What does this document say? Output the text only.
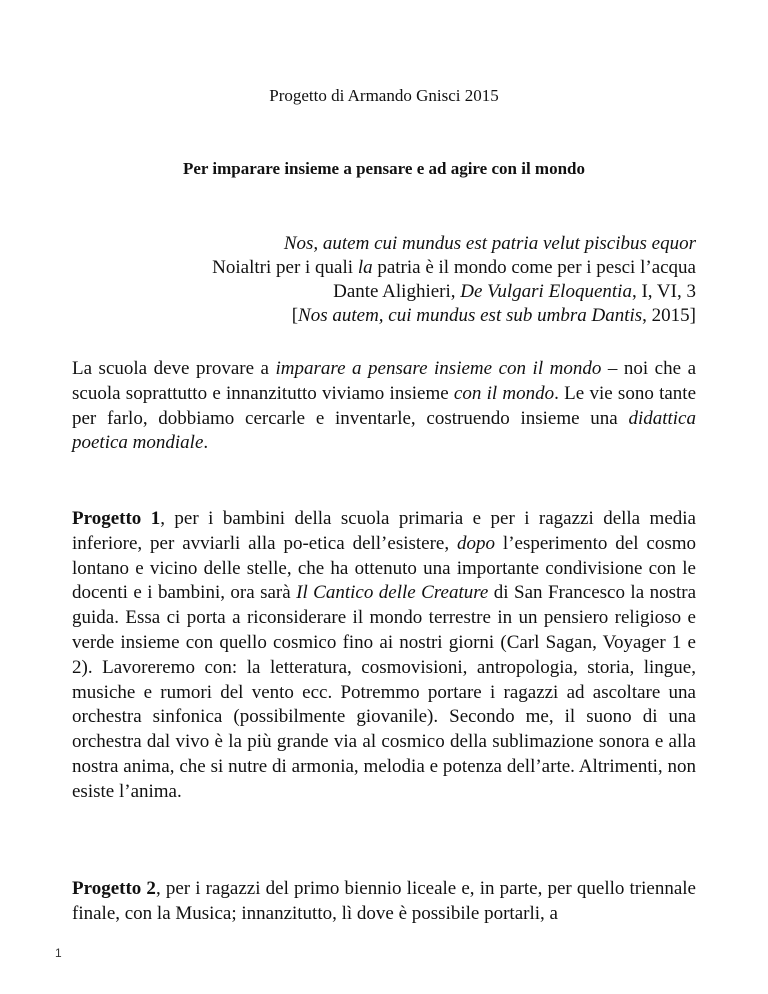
Progetto di Armando Gnisci 2015
Per imparare insieme a pensare e ad agire con il mondo
Nos, autem cui mundus est patria velut piscibus equor
Noialtri per i quali la patria è il mondo come per i pesci l’acqua
Dante Alighieri, De Vulgari Eloquentia, I, VI, 3
[Nos autem, cui mundus est sub umbra Dantis, 2015]

La scuola deve provare a imparare a pensare insieme con il mondo – noi che a scuola soprattutto e innanzitutto viviamo insieme con il mondo. Le vie sono tante per farlo, dobbiamo cercarle e inventarle, costruendo insieme una didattica poetica mondiale.

Progetto 1, per i bambini della scuola primaria e per i ragazzi della media inferiore, per avviarli alla po-etica dell’esistere, dopo l’esperimento del cosmo lontano e vicino delle stelle, che ha ottenuto una importante condivisione con le docenti e i bambini, ora sarà Il Cantico delle Creature di San Francesco la nostra guida. Essa ci porta a riconsiderare il mondo terrestre in un pensiero religioso e verde insieme con quello cosmico fino ai nostri giorni (Carl Sagan, Voyager 1 e 2). Lavoreremo con: la letteratura, cosmovisioni, antropologia, storia, lingue, musiche e rumori del vento ecc. Potremmo portare i ragazzi ad ascoltare una orchestra sinfonica (possibilmente giovanile). Secondo me, il suono di una orchestra dal vivo è la più grande via al cosmico della sublimazione sonora e alla nostra anima, che si nutre di armonia, melodia e potenza dell’arte. Altrimenti, non esiste l’anima.

Progetto 2, per i ragazzi del primo biennio liceale e, in parte, per quello triennale finale, con la Musica; innanzitutto, lì dove è possibile portarli, a

1
